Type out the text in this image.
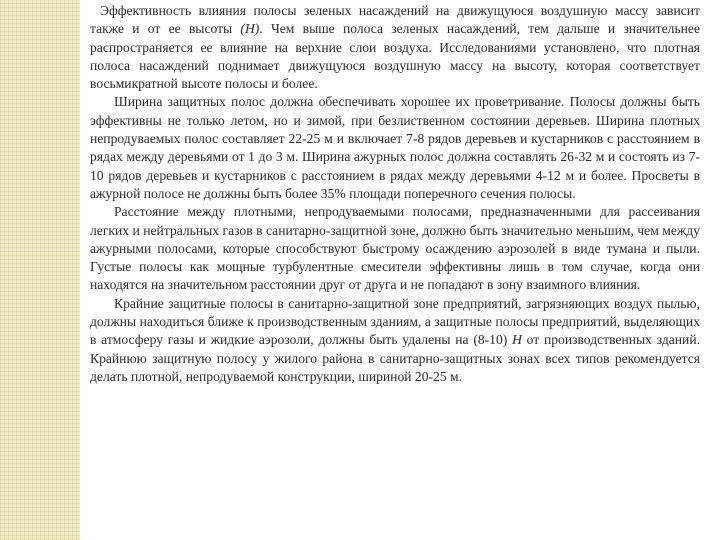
Эффективность влияния полосы зеленых насаждений на движущуюся воздушную массу зависит также и от ее высоты (H). Чем выше полоса зеленых насаждений, тем дальше и значительнее распространяется ее влияние на верхние слои воздуха. Исследованиями установлено, что плотная полоса насаждений поднимает движущуюся воздушную массу на высоту, которая соответствует восьмикратной высоте полосы и более.

Ширина защитных полос должна обеспечивать хорошее их проветривание. Полосы должны быть эффективны не только летом, но и зимой, при безлиственном состоянии деревьев. Ширина плотных непродуваемых полос составляет 22-25 м и включает 7-8 рядов деревьев и кустарников с расстоянием в рядах между деревьями от 1 до 3 м. Ширина ажурных полос должна составлять 26-32 м и состоять из 7-10 рядов деревьев и кустарников с расстоянием в рядах между деревьями 4-12 м и более. Просветы в ажурной полосе не должны быть более 35% площади поперечного сечения полосы.

Расстояние между плотными, непродуваемыми полосами, предназначенными для рассеивания легких и нейтральных газов в санитарно-защитной зоне, должно быть значительно меньшим, чем между ажурными полосами, которые способствуют быстрому осаждению аэрозолей в виде тумана и пыли. Густые полосы как мощные турбулентные смесители эффективны лишь в том случае, когда они находятся на значительном расстоянии друг от друга и не попадают в зону взаимного влияния.

Крайние защитные полосы в санитарно-защитной зоне предприятий, загрязняющих воздух пылью, должны находиться ближе к производственным зданиям, а защитные полосы предприятий, выделяющих в атмосферу газы и жидкие аэрозоли, должны быть удалены на (8-10) H от производственных зданий. Крайнюю защитную полосу у жилого района в санитарно-защитных зонах всех типов рекомендуется делать плотной, непродуваемой конструкции, шириной 20-25 м.
